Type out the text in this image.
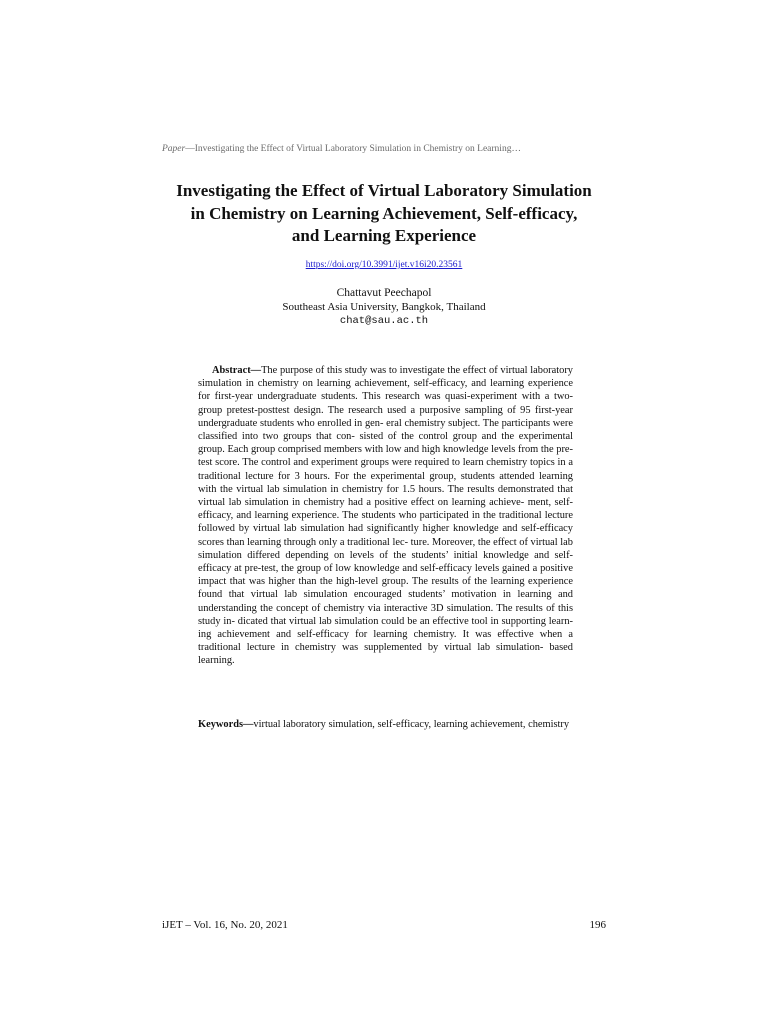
Paper—Investigating the Effect of Virtual Laboratory Simulation in Chemistry on Learning…
Investigating the Effect of Virtual Laboratory Simulation
in Chemistry on Learning Achievement, Self-efficacy,
and Learning Experience
https://doi.org/10.3991/ijet.v16i20.23561
Chattavut Peechapol
Southeast Asia University, Bangkok, Thailand
chat@sau.ac.th
Abstract—The purpose of this study was to investigate the effect of virtual laboratory simulation in chemistry on learning achievement, self-efficacy, and learning experience for first-year undergraduate students. This research was quasi-experiment with a two-group pretest-posttest design. The research used a purposive sampling of 95 first-year undergraduate students who enrolled in gen- eral chemistry subject. The participants were classified into two groups that con- sisted of the control group and the experimental group. Each group comprised members with low and high knowledge levels from the pre-test score. The control and experiment groups were required to learn chemistry topics in a traditional lecture for 3 hours. For the experimental group, students attended learning with the virtual lab simulation in chemistry for 1.5 hours. The results demonstrated that virtual lab simulation in chemistry had a positive effect on learning achieve- ment, self-efficacy, and learning experience. The students who participated in the traditional lecture followed by virtual lab simulation had significantly higher knowledge and self-efficacy scores than learning through only a traditional lec- ture. Moreover, the effect of virtual lab simulation differed depending on levels of the students’ initial knowledge and self-efficacy at pre-test, the group of low knowledge and self-efficacy levels gained a positive impact that was higher than the high-level group. The results of the learning experience found that virtual lab simulation encouraged students’ motivation in learning and understanding the concept of chemistry via interactive 3D simulation. The results of this study in- dicated that virtual lab simulation could be an effective tool in supporting learn- ing achievement and self-efficacy for learning chemistry. It was effective when a traditional lecture in chemistry was supplemented by virtual lab simulation- based learning.
Keywords—virtual laboratory simulation, self-efficacy, learning achievement, chemistry
iJET – Vol. 16, No. 20, 2021	196
